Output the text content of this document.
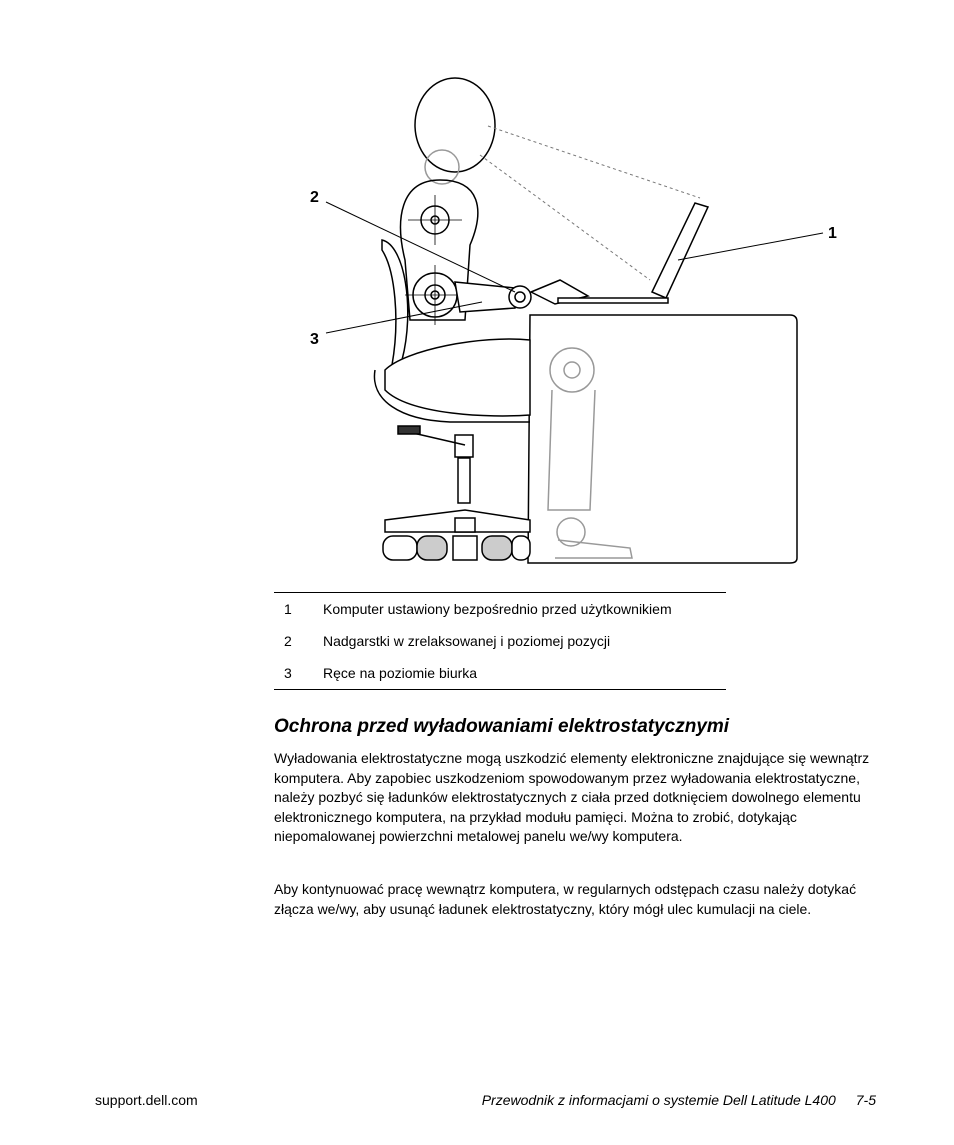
1
2
3
1	Komputer ustawiony bezpośrednio przed użytkownikiem
2	Nadgarstki w zrelaksowanej i poziomej pozycji
3	Ręce na poziomie biurka
Ochrona przed wyładowaniami elektrostatycznymi

Wyładowania elektrostatyczne mogą uszkodzić elementy elektroniczne znajdujące się wewnątrz komputera. Aby zapobiec uszkodzeniom spowodowanym przez wyładowania elektrostatyczne, należy pozbyć się ładunków elektrostatycznych z ciała przed dotknięciem dowolnego elementu elektronicznego komputera, na przykład modułu pamięci. Można to zrobić, dotykając niepomalowanej powierzchni metalowej panelu we/wy komputera.

Aby kontynuować pracę wewnątrz komputera, w regularnych odstępach czasu należy dotykać złącza we/wy, aby usunąć ładunek elektrostatyczny, który mógł ulec kumulacji na ciele.

support.dell.com	Przewodnik z informacjami o systemie Dell Latitude L400 7-5
